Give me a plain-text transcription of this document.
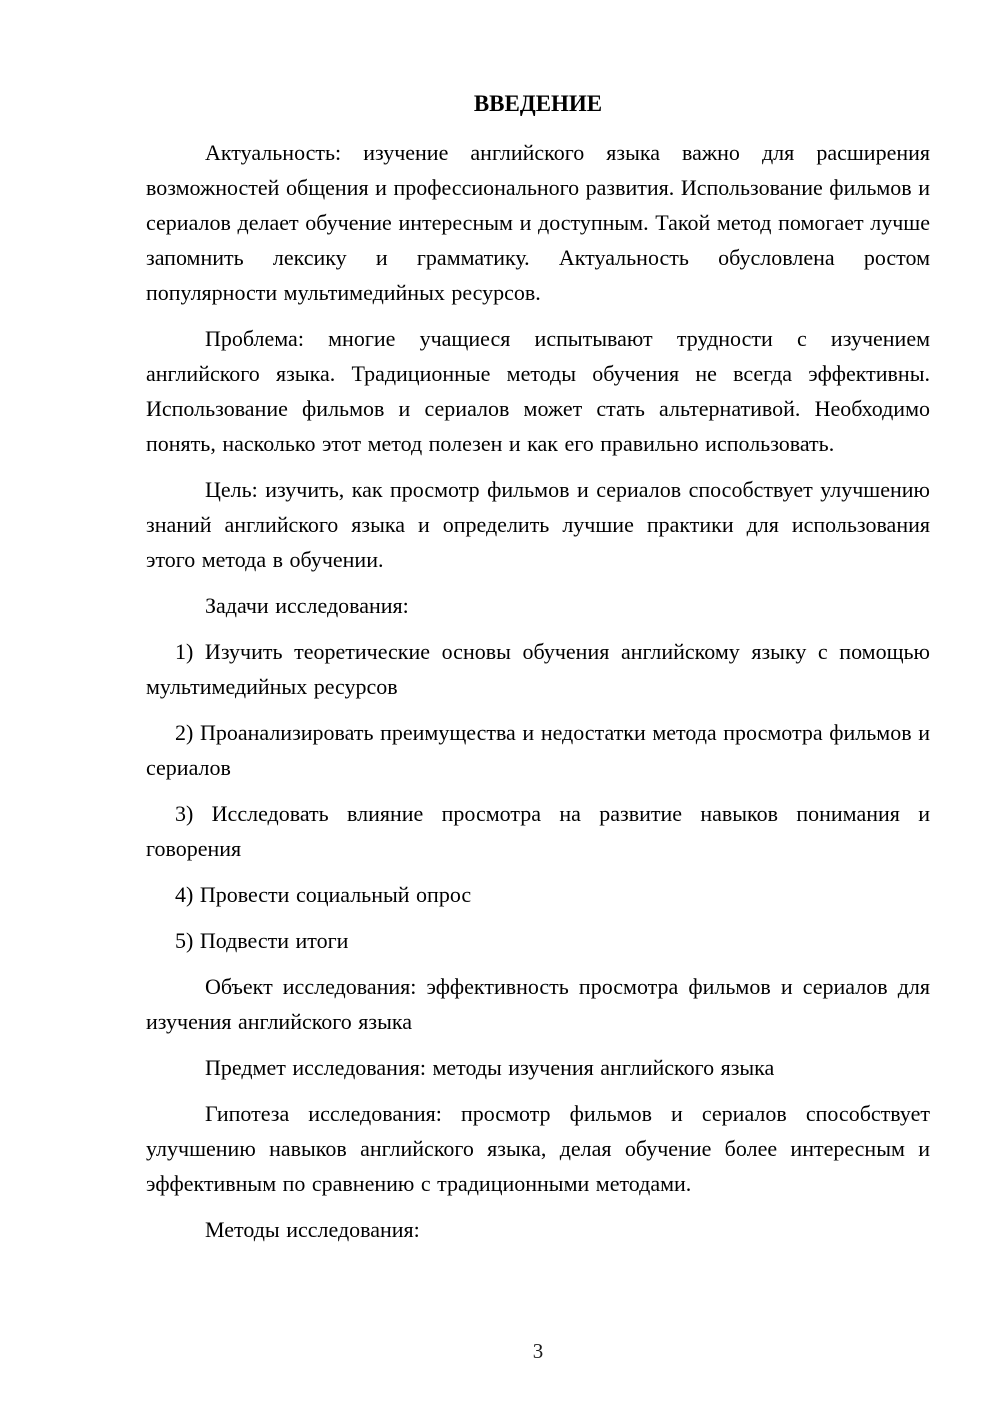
ВВЕДЕНИЕ

Актуальность: изучение английского языка важно для расширения возможностей общения и профессионального развития. Использование фильмов и сериалов делает обучение интересным и доступным. Такой метод помогает лучше запомнить лексику и грамматику. Актуальность обусловлена ростом популярности мультимедийных ресурсов.

Проблема: многие учащиеся испытывают трудности с изучением английского языка. Традиционные методы обучения не всегда эффективны. Использование фильмов и сериалов может стать альтернативой. Необходимо понять, насколько этот метод полезен и как его правильно использовать.

Цель: изучить, как просмотр фильмов и сериалов способствует улучшению знаний английского языка и определить лучшие практики для использования этого метода в обучении.

Задачи исследования:

1) Изучить теоретические основы обучения английскому языку с помощью мультимедийных ресурсов

2) Проанализировать преимущества и недостатки метода просмотра фильмов и сериалов

3) Исследовать влияние просмотра на развитие навыков понимания и говорения

4) Провести социальный опрос

5) Подвести итоги

Объект исследования: эффективность просмотра фильмов и сериалов для изучения английского языка

Предмет исследования: методы изучения английского языка

Гипотеза исследования: просмотр фильмов и сериалов способствует улучшению навыков английского языка, делая обучение более интересным и эффективным по сравнению с традиционными методами.

Методы исследования:

3
